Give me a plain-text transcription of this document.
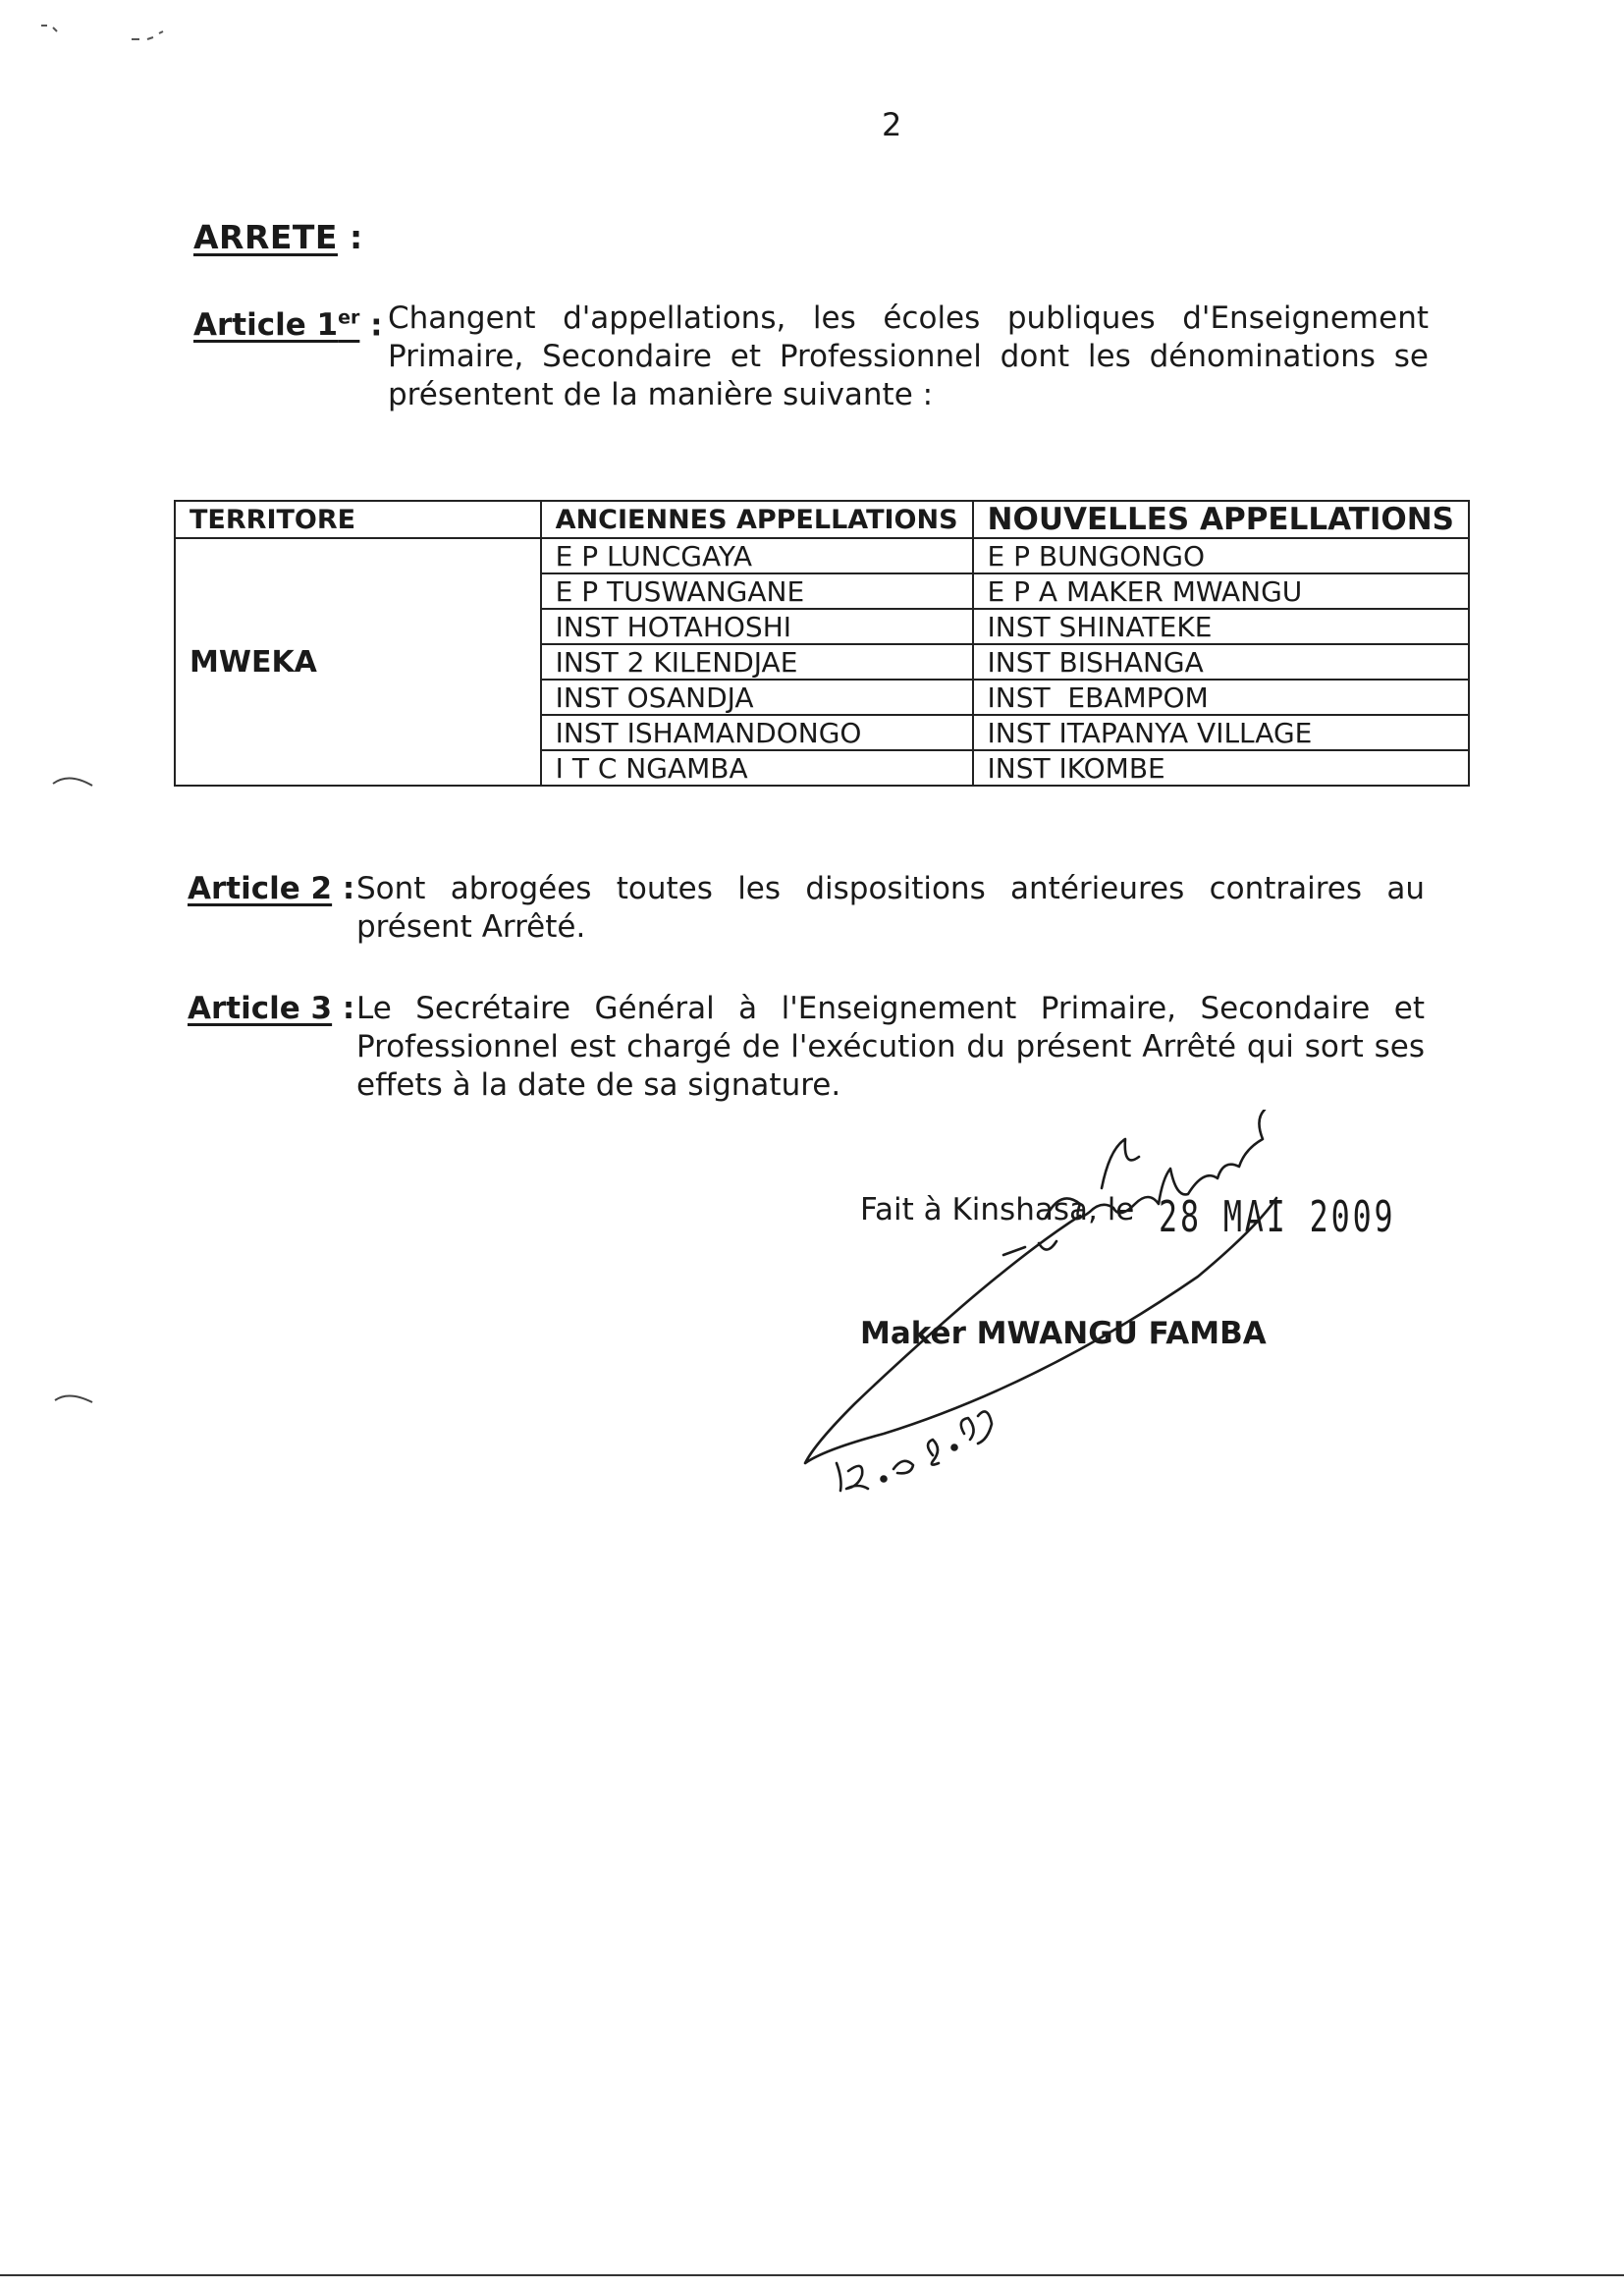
2
ARRETE :
Article 1er : Changent d'appellations, les écoles publiques d'Enseignement Primaire, Secondaire et Professionnel dont les dénominations se présentent de la manière suivante :
TERRITORE	ANCIENNES APPELLATIONS	NOUVELLES APPELLATIONS
MWEKA	E P LUNCGAYA	E P BUNGONGO
	E P TUSWANGANE	E P A MAKER MWANGU
	INST HOTAHOSHI	INST SHINATEKE
	INST 2 KILENDJAE	INST BISHANGA
	INST OSANDJA	INST  EBAMPOM
	INST ISHAMANDONGO	INST ITAPANYA VILLAGE
	I T C NGAMBA	INST IKOMBE
Article 2 : Sont abrogées toutes les dispositions antérieures contraires au présent Arrêté.
Article 3 : Le Secrétaire Général à l'Enseignement Primaire, Secondaire et Professionnel est chargé de l'exécution du présent Arrêté qui sort ses effets à la date de sa signature.
Fait à Kinshasa, le 28 MAI 2009
Maker MWANGU FAMBA
